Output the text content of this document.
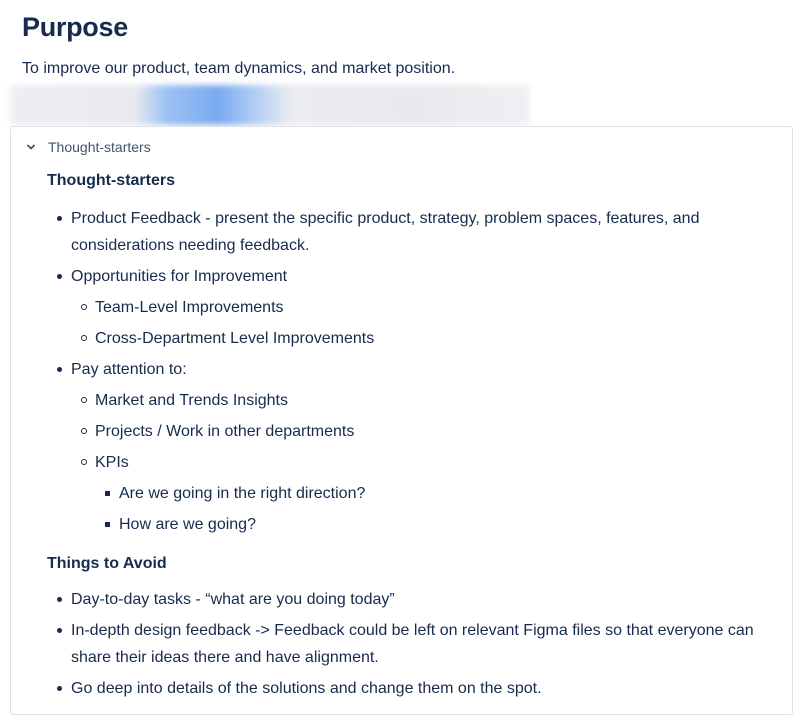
Purpose

To improve our product, team dynamics, and market position.

Thought-starters
Thought-starters
Product Feedback - present the specific product, strategy, problem spaces, features, and considerations needing feedback.
Opportunities for Improvement
Team-Level Improvements
Cross-Department Level Improvements
Pay attention to:
Market and Trends Insights
Projects / Work in other departments
KPIs
Are we going in the right direction?
How are we going?
Things to Avoid
Day-to-day tasks - “what are you doing today”
In-depth design feedback -> Feedback could be left on relevant Figma files so that everyone can share their ideas there and have alignment.
Go deep into details of the solutions and change them on the spot.
